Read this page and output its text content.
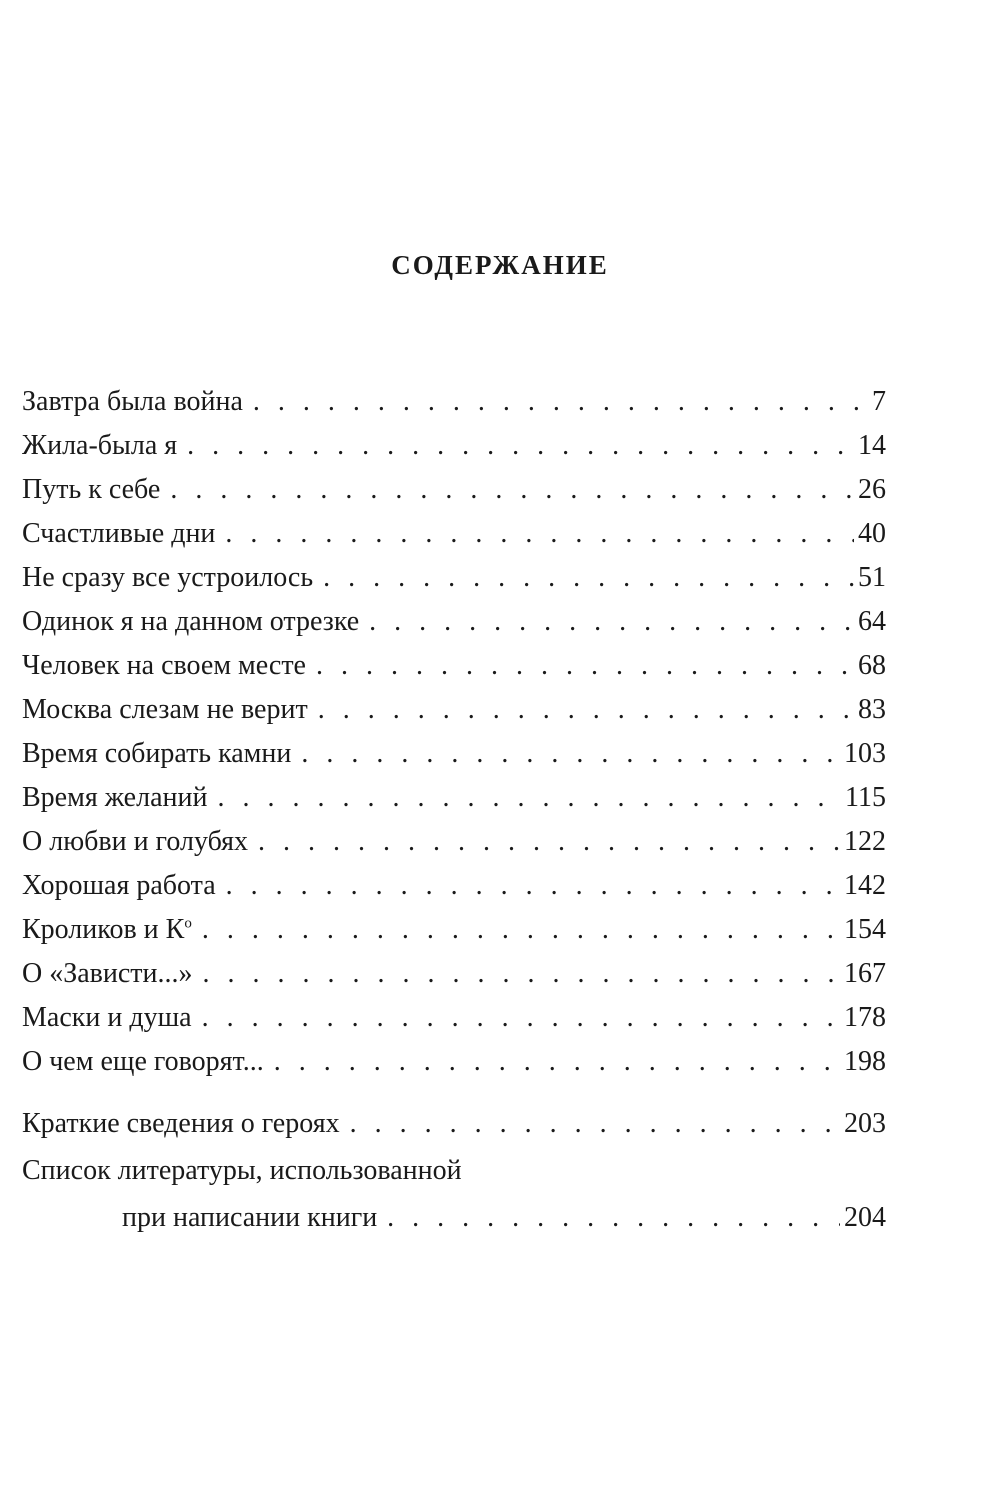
СОДЕРЖАНИЕ
Завтра была война . . .	7
Жила-была я . . .	14
Путь к себе . . .	26
Счастливые дни . . .	40
Не сразу все устроилось . . .	51
Одинок я на данном отрезке . . .	64
Человек на своем месте . . .	68
Москва слезам не верит . . .	83
Время собирать камни . . .	103
Время желаний . . .	115
О любви и голубях . . .	122
Хорошая работа . . .	142
Кроликов и $К^о$ . . .	154
О «Зависти...» . . .	167
Маски и душа . . .	178
О чем еще говорят... . . .	198
Краткие сведения о героях . . .	203
Список литературы, использованной
при написании книги . . .	204
